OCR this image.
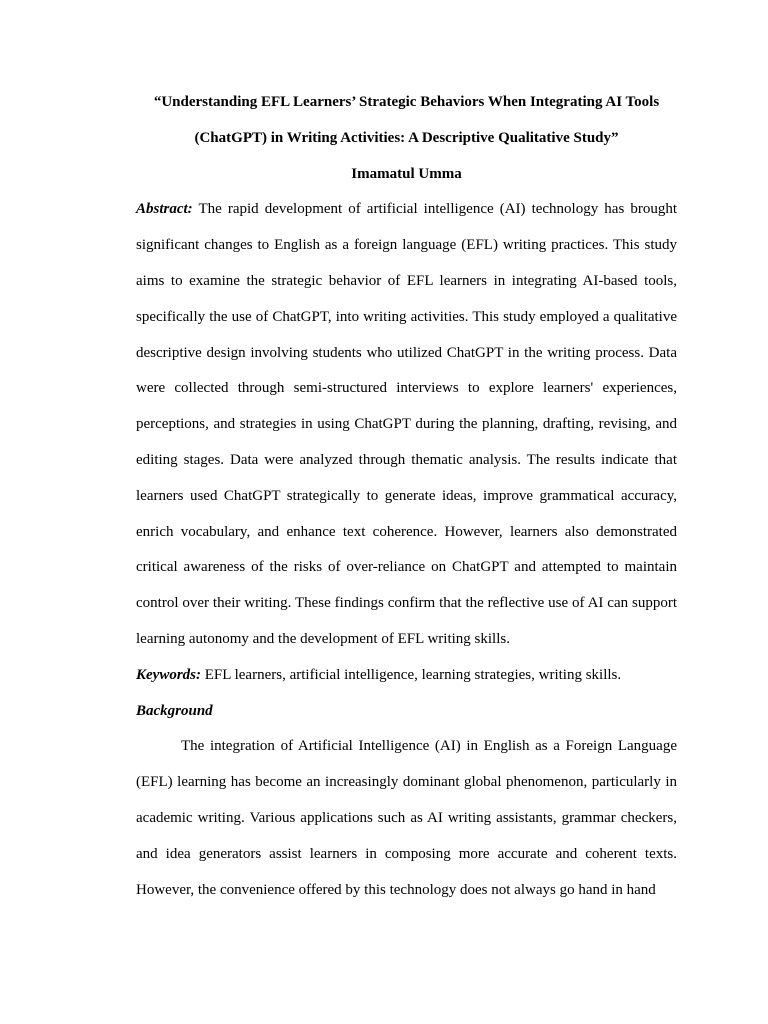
“Understanding EFL Learners’ Strategic Behaviors When Integrating AI Tools

(ChatGPT) in Writing Activities: A Descriptive Qualitative Study”

Imamatul Umma

Abstract: The rapid development of artificial intelligence (AI) technology has brought significant changes to English as a foreign language (EFL) writing practices. This study aims to examine the strategic behavior of EFL learners in integrating AI-based tools, specifically the use of ChatGPT, into writing activities. This study employed a qualitative descriptive design involving students who utilized ChatGPT in the writing process. Data were collected through semi-structured interviews to explore learners' experiences, perceptions, and strategies in using ChatGPT during the planning, drafting, revising, and editing stages. Data were analyzed through thematic analysis. The results indicate that learners used ChatGPT strategically to generate ideas, improve grammatical accuracy, enrich vocabulary, and enhance text coherence. However, learners also demonstrated critical awareness of the risks of over-reliance on ChatGPT and attempted to maintain control over their writing. These findings confirm that the reflective use of AI can support learning autonomy and the development of EFL writing skills.

Keywords: EFL learners, artificial intelligence, learning strategies, writing skills.

Background

The integration of Artificial Intelligence (AI) in English as a Foreign Language (EFL) learning has become an increasingly dominant global phenomenon, particularly in academic writing. Various applications such as AI writing assistants, grammar checkers, and idea generators assist learners in composing more accurate and coherent texts. However, the convenience offered by this technology does not always go hand in hand
